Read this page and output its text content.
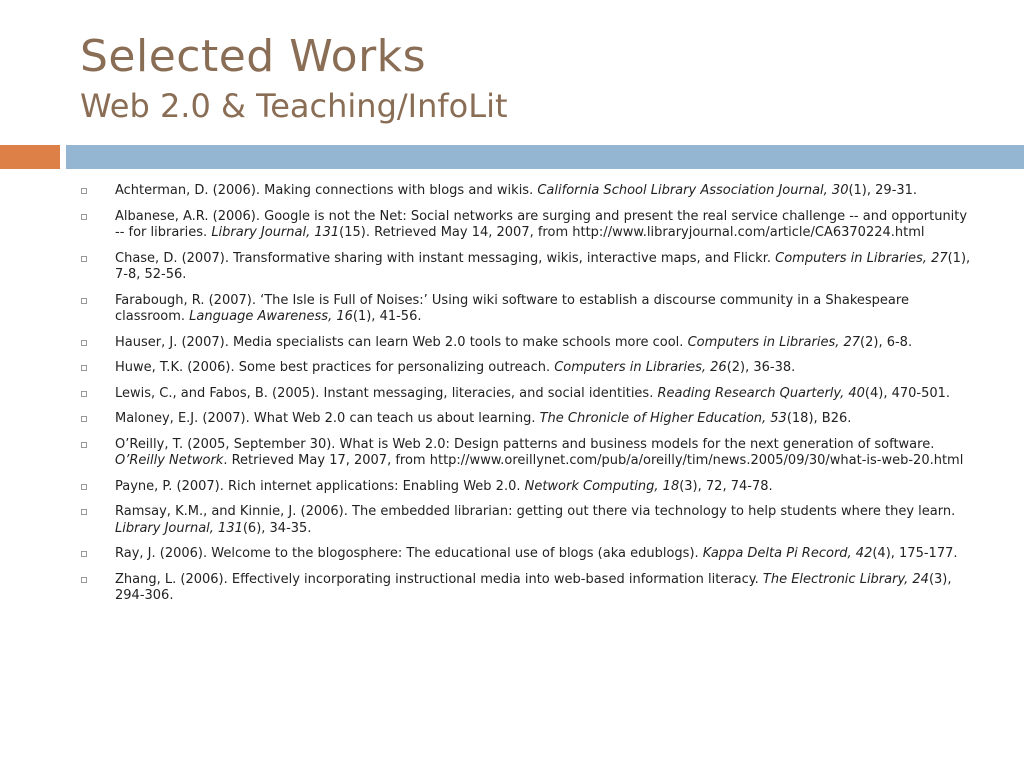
Selected Works
Web 2.0 & Teaching/InfoLit
Achterman, D. (2006). Making connections with blogs and wikis. California School Library Association Journal, 30(1), 29-31.
Albanese, A.R. (2006). Google is not the Net: Social networks are surging and present the real service challenge -- and opportunity -- for libraries. Library Journal, 131(15). Retrieved May 14, 2007, from http://www.libraryjournal.com/article/CA6370224.html
Chase, D. (2007). Transformative sharing with instant messaging, wikis, interactive maps, and Flickr. Computers in Libraries, 27(1), 7-8, 52-56.
Farabough, R. (2007). ‘The Isle is Full of Noises:’ Using wiki software to establish a discourse community in a Shakespeare classroom. Language Awareness, 16(1), 41-56.
Hauser, J. (2007). Media specialists can learn Web 2.0 tools to make schools more cool. Computers in Libraries, 27(2), 6-8.
Huwe, T.K. (2006). Some best practices for personalizing outreach. Computers in Libraries, 26(2), 36-38.
Lewis, C., and Fabos, B. (2005). Instant messaging, literacies, and social identities. Reading Research Quarterly, 40(4), 470-501.
Maloney, E.J. (2007). What Web 2.0 can teach us about learning. The Chronicle of Higher Education, 53(18), B26.
O’Reilly, T. (2005, September 30). What is Web 2.0: Design patterns and business models for the next generation of software. O’Reilly Network. Retrieved May 17, 2007, from http://www.oreillynet.com/pub/a/oreilly/tim/news.2005/09/30/what-is-web-20.html
Payne, P. (2007). Rich internet applications: Enabling Web 2.0. Network Computing, 18(3), 72, 74-78.
Ramsay, K.M., and Kinnie, J. (2006). The embedded librarian: getting out there via technology to help students where they learn. Library Journal, 131(6), 34-35.
Ray, J. (2006). Welcome to the blogosphere: The educational use of blogs (aka edublogs). Kappa Delta Pi Record, 42(4), 175-177.
Zhang, L. (2006). Effectively incorporating instructional media into web-based information literacy. The Electronic Library, 24(3), 294-306.
